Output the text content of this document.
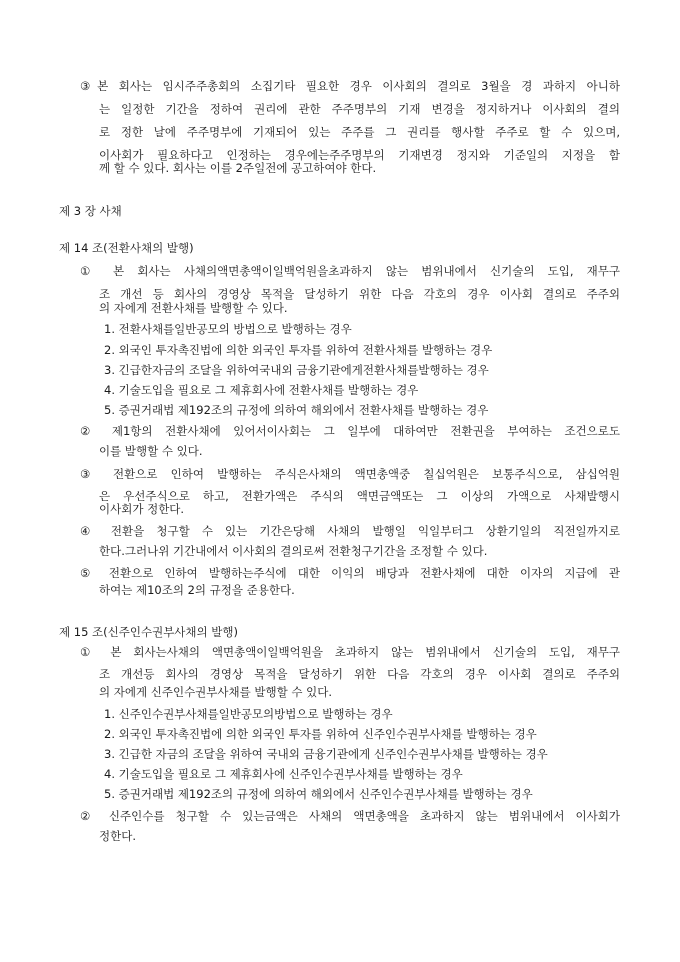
③본 회사는 임시주주총회의 소집기타 필요한 경우 이사회의 결의로 3월을 경 과하지 아니하
는 일정한 기간을 정하여 권리에 관한 주주명부의 기재 변경을 정지하거나 이사회의 결의
로 정한 날에 주주명부에 기재되어 있는 주주를 그 권리를 행사할 주주로 할 수 있으며,
이사회가 필요하다고 인정하는 경우에는주주명부의 기재변경 정지와 기준일의 지정을 함
께 할 수 있다. 회사는 이를 2주일전에 공고하여야 한다.
제 3 장 사채
제 14 조(전환사채의 발행)
① 본 회사는 사채의액면총액이일백억원을초과하지 않는 범위내에서 신기술의 도입, 재무구
조 개선 등 회사의 경영상 목적을 달성하기 위한 다음 각호의 경우 이사회 결의로 주주외
의 자에게 전환사채를 발행할 수 있다.
1. 전환사채를일반공모의 방법으로 발행하는 경우
2. 외국인 투자촉진법에 의한 외국인 투자를 위하여 전환사채를 발행하는 경우
3. 긴급한자금의 조달을 위하여국내외 금융기관에게전환사채를발행하는 경우
4. 기술도입을 필요로 그 제휴회사에 전환사채를 발행하는 경우
5. 증권거래법 제192조의 규정에 의하여 해외에서 전환사채를 발행하는 경우
② 제1항의 전환사채에 있어서이사회는 그 일부에 대하여만 전환권을 부여하는 조건으로도
이를 발행할 수 있다.
③ 전환으로 인하여 발행하는 주식은사채의 액면총액중 칠십억원은 보통주식으로, 삼십억원
은 우선주식으로 하고, 전환가액은 주식의 액면금액또는 그 이상의 가액으로 사채발행시
이사회가 정한다.
④ 전환을 청구할 수 있는 기간은당해 사채의 발행일 익일부터그 상환기일의 직전일까지로
한다.그러나위 기간내에서 이사회의 결의로써 전환청구기간을 조정할 수 있다.
⑤ 전환으로 인하여 발행하는주식에 대한 이익의 배당과 전환사채에 대한 이자의 지급에 관
하여는 제10조의 2의 규정을 준용한다.
제 15 조(신주인수권부사채의 발행)
① 본 회사는사채의 액면총액이일백억원을 초과하지 않는 범위내에서 신기술의 도입, 재무구
조 개선등 회사의 경영상 목적을 달성하기 위한 다음 각호의 경우 이사회 결의로 주주외
의 자에게 신주인수권부사채를 발행할 수 있다.
1. 신주인수권부사채를일반공모의방법으로 발행하는 경우
2. 외국인 투자촉진법에 의한 외국인 투자를 위하여 신주인수권부사채를 발행하는 경우
3. 긴급한 자금의 조달을 위하여 국내외 금융기관에게 신주인수권부사채를 발행하는 경우
4. 기술도입을 필요로 그 제휴회사에 신주인수권부사채를 발행하는 경우
5. 증권거래법 제192조의 규정에 의하여 해외에서 신주인수권부사채를 발행하는 경우
② 신주인수를 청구할 수 있는금액은 사채의 액면총액을 초과하지 않는 범위내에서 이사회가
정한다.
